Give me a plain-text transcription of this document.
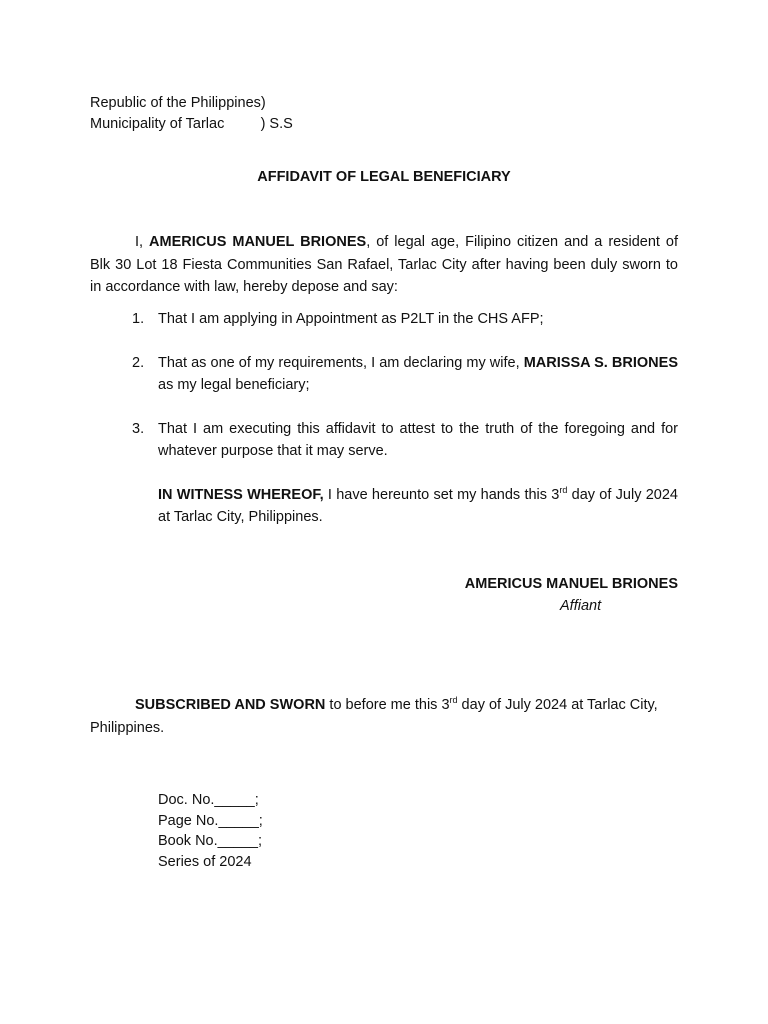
Republic of the Philippines)
Municipality of Tarlac         ) S.S
AFFIDAVIT OF LEGAL BENEFICIARY
I, AMERICUS MANUEL BRIONES, of legal age, Filipino citizen and a resident of Blk 30 Lot 18 Fiesta Communities San Rafael, Tarlac City after having been duly sworn to in accordance with law, hereby depose and say:
1. That I am applying in Appointment as P2LT in the CHS AFP;
2. That as one of my requirements, I am declaring my wife, MARISSA S. BRIONES as my legal beneficiary;
3. That I am executing this affidavit to attest to the truth of the foregoing and for whatever purpose that it may serve.
IN WITNESS WHEREOF, I have hereunto set my hands this 3rd day of July 2024 at Tarlac City, Philippines.
AMERICUS MANUEL BRIONES
Affiant
SUBSCRIBED AND SWORN to before me this 3rd day of July 2024 at Tarlac City, Philippines.
Doc. No._____;
Page No._____;
Book No._____;
Series of 2024
